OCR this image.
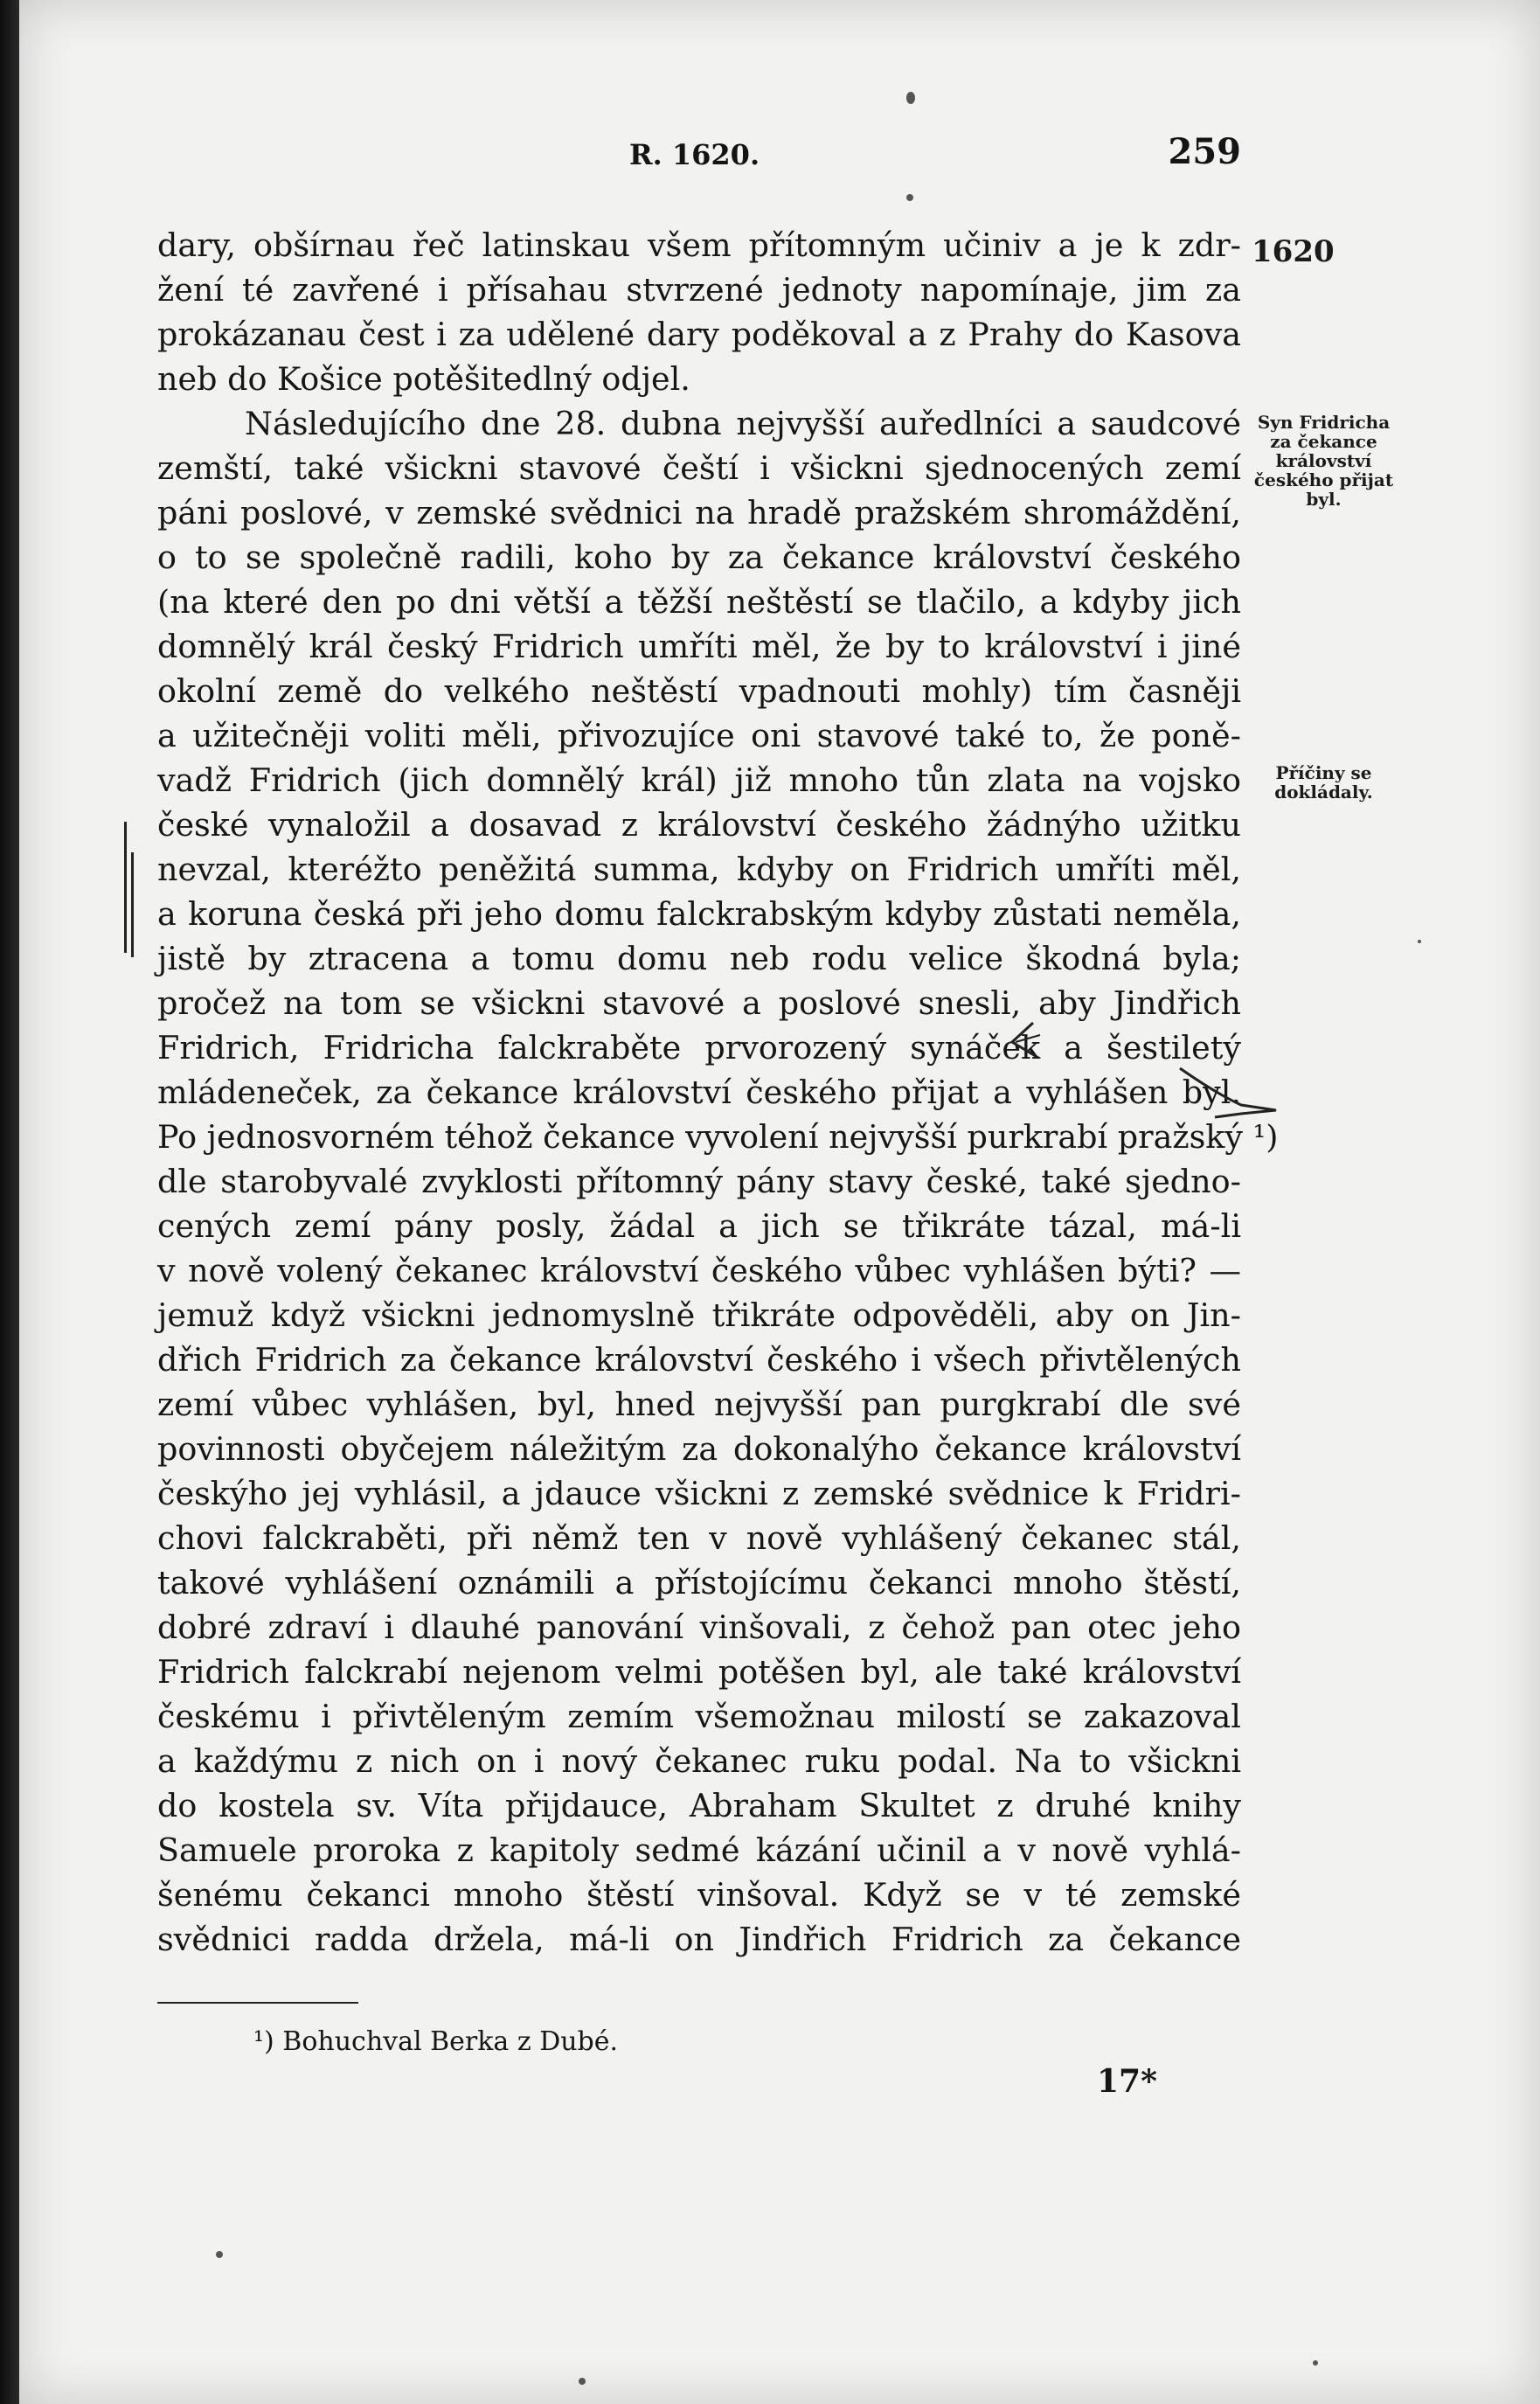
R. 1620.	259
1620
Syn Fridricha za čekance království českého přijat byl.
Příčiny se dokládaly.
dary, obšírnau řeč latinskau všem přítomným učiniv a je k zdr-
žení té zavřené i přísahau stvrzené jednoty napomínaje, jim za
prokázanau čest i za udělené dary poděkoval a z Prahy do Kasova
neb do Košice potěšitedlný odjel.
Následujícího dne 28. dubna nejvyšší auředlníci a saudcové
zemští, také všickni stavové čeští i všickni sjednocených zemí
páni poslové, v zemské svědnici na hradě pražském shromáždění,
o to se společně radili, koho by za čekance království českého
(na které den po dni větší a těžší neštěstí se tlačilo, a kdyby jich
domnělý král český Fridrich umříti měl, že by to království i jiné
okolní země do velkého neštěstí vpadnouti mohly) tím časněji
a užitečněji voliti měli, přivozujíce oni stavové také to, že poně-
vadž Fridrich (jich domnělý král) již mnoho tůn zlata na vojsko
české vynaložil a dosavad z království českého žádnýho užitku
nevzal, kteréžto peněžitá summa, kdyby on Fridrich umříti měl,
a koruna česká při jeho domu falckrabským kdyby zůstati neměla,
jistě by ztracena a tomu domu neb rodu velice škodná byla;
pročež na tom se všickni stavové a poslové snesli, aby Jindřich
Fridrich, Fridricha falckraběte prvorozený synáček a šestiletý
mládeneček, za čekance království českého přijat a vyhlášen byl.
Po jednosvorném téhož čekance vyvolení nejvyšší purkrabí pražský ¹)
dle starobyvalé zvyklosti přítomný pány stavy české, také sjedno-
cených zemí pány posly, žádal a jich se třikráte tázal, má-li
v nově volený čekanec království českého vůbec vyhlášen býti? —
jemuž když všickni jednomyslně třikráte odpověděli, aby on Jin-
dřich Fridrich za čekance království českého i všech přivtělených
zemí vůbec vyhlášen, byl, hned nejvyšší pan purgkrabí dle své
povinnosti obyčejem náležitým za dokonalýho čekance království
českýho jej vyhlásil, a jdauce všickni z zemské svědnice k Fridri-
chovi falckraběti, při němž ten v nově vyhlášený čekanec stál,
takové vyhlášení oznámili a přístojícímu čekanci mnoho štěstí,
dobré zdraví i dlauhé panování vinšovali, z čehož pan otec jeho
Fridrich falckrabí nejenom velmi potěšen byl, ale také království
českému i přivtěleným zemím všemožnau milostí se zakazoval
a každýmu z nich on i nový čekanec ruku podal. Na to všickni
do kostela sv. Víta přijdauce, Abraham Skultet z druhé knihy
Samuele proroka z kapitoly sedmé kázání učinil a v nově vyhlá-
šenému čekanci mnoho štěstí vinšoval. Když se v té zemské
svědnici radda držela, má-li on Jindřich Fridrich za čekance
¹) Bohuchval Berka z Dubé.
17*
